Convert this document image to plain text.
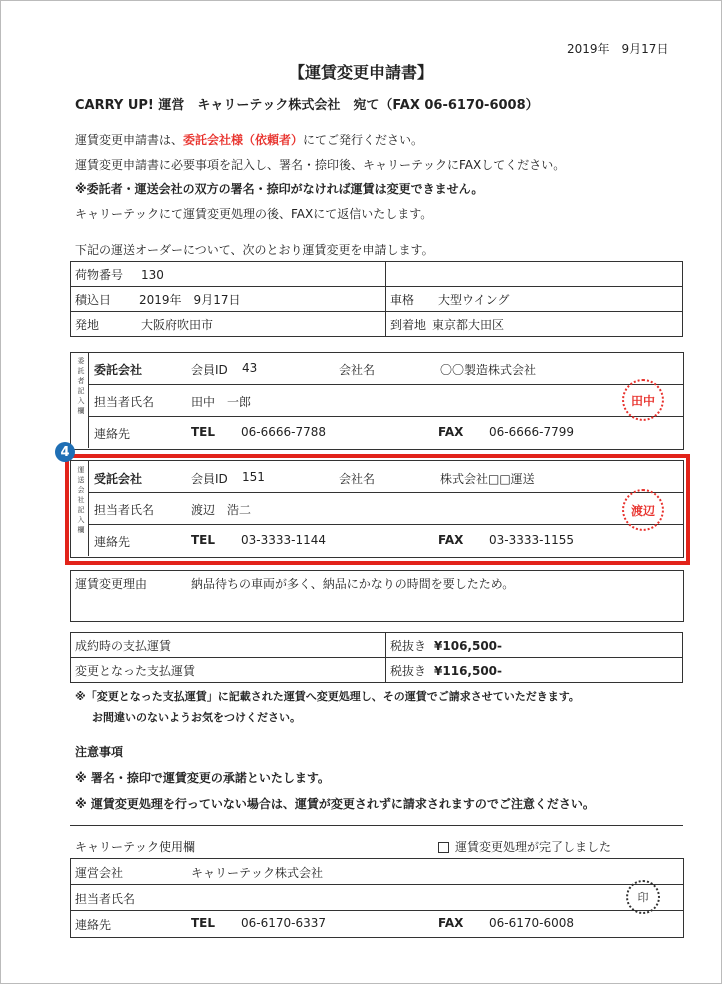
2019年　9月17日
【運賃変更申請書】
CARRY UP! 運営　キャリーテック株式会社　宛て（FAX 06-6170-6008）
運賃変更申請書は、委託会社様（依頼者）にてご発行ください。
運賃変更申請書に必要事項を記入し、署名・捺印後、キャリーテックにFAXしてください。
※委託者・運送会社の双方の署名・捺印がなければ運賃は変更できません。
キャリーテックにて運賃変更処理の後、FAXにて返信いたします。
下記の運送オーダーについて、次のとおり運賃変更を申請します。
荷物番号 130	
積込日 2019年　9月17日	車格 大型ウイング
発地 大阪府吹田市	到着地 東京都大田区
委
託
者
記
入
欄
委託会社	会員ID 43	会社名	〇〇製造株式会社
担当者氏名	田中　一郎
連絡先	TEL 06-6666-7788	FAX 06-6666-7799
田中
4
運
送
会
社
記
入
欄
受託会社	会員ID 151	会社名	株式会社□□運送
担当者氏名	渡辺　浩二
連絡先	TEL 03-3333-1144	FAX 03-3333-1155
渡辺
運賃変更理由	納品待ちの車両が多く、納品にかなりの時間を要したため。
成約時の支払運賃	税抜き ¥106,500-
変更となった支払運賃	税抜き ¥116,500-
※「変更となった支払運賃」に記載された運賃へ変更処理し、その運賃でご請求させていただきます。
お間違いのないようお気をつけください。
注意事項
※ 署名・捺印で運賃変更の承諾といたします。
※ 運賃変更処理を行っていない場合は、運賃が変更されずに請求されますのでご注意ください。
キャリーテック使用欄	運賃変更処理が完了しました
運営会社	キャリーテック株式会社
担当者氏名
連絡先	TEL 06-6170-6337	FAX 06-6170-6008
印
